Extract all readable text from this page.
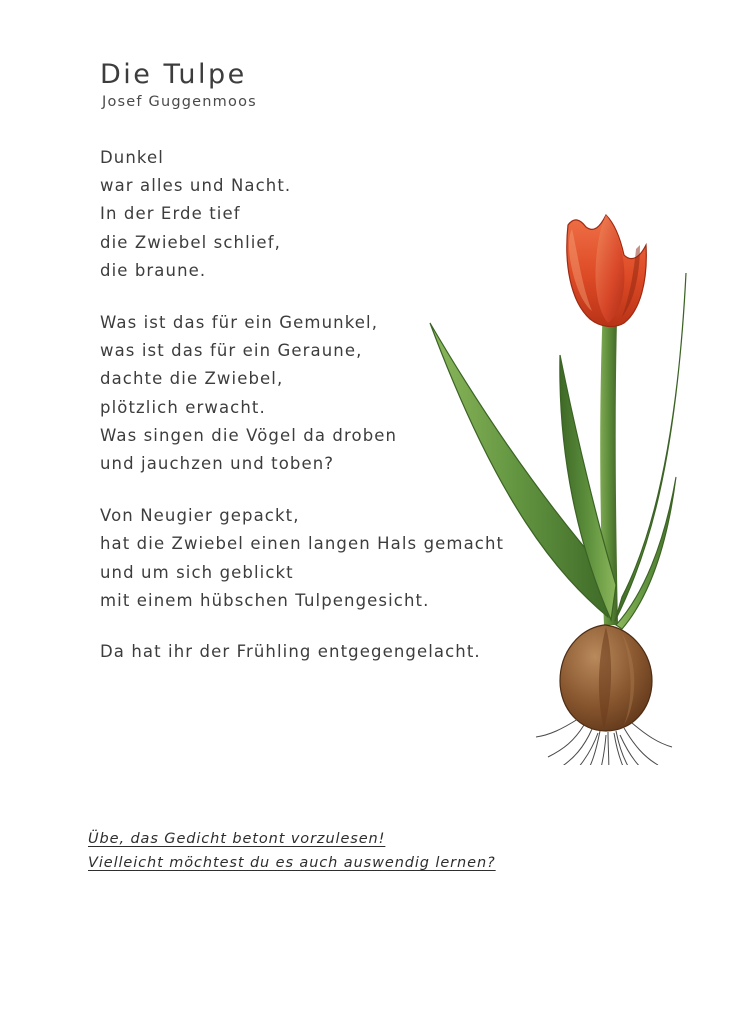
Die Tulpe
Josef Guggenmoos
Dunkel
war alles und Nacht.
In der Erde tief
die Zwiebel schlief,
die braune.
Was ist das für ein Gemunkel,
was ist das für ein Geraune,
dachte die Zwiebel,
plötzlich erwacht.
Was singen die Vögel da droben
und jauchzen und toben?
Von Neugier gepackt,
hat die Zwiebel einen langen Hals gemacht
und um sich geblickt
mit einem hübschen Tulpengesicht.
Da hat ihr der Frühling entgegengelacht.
Übe, das Gedicht betont vorzulesen!
Vielleicht möchtest du es auch auswendig lernen?
